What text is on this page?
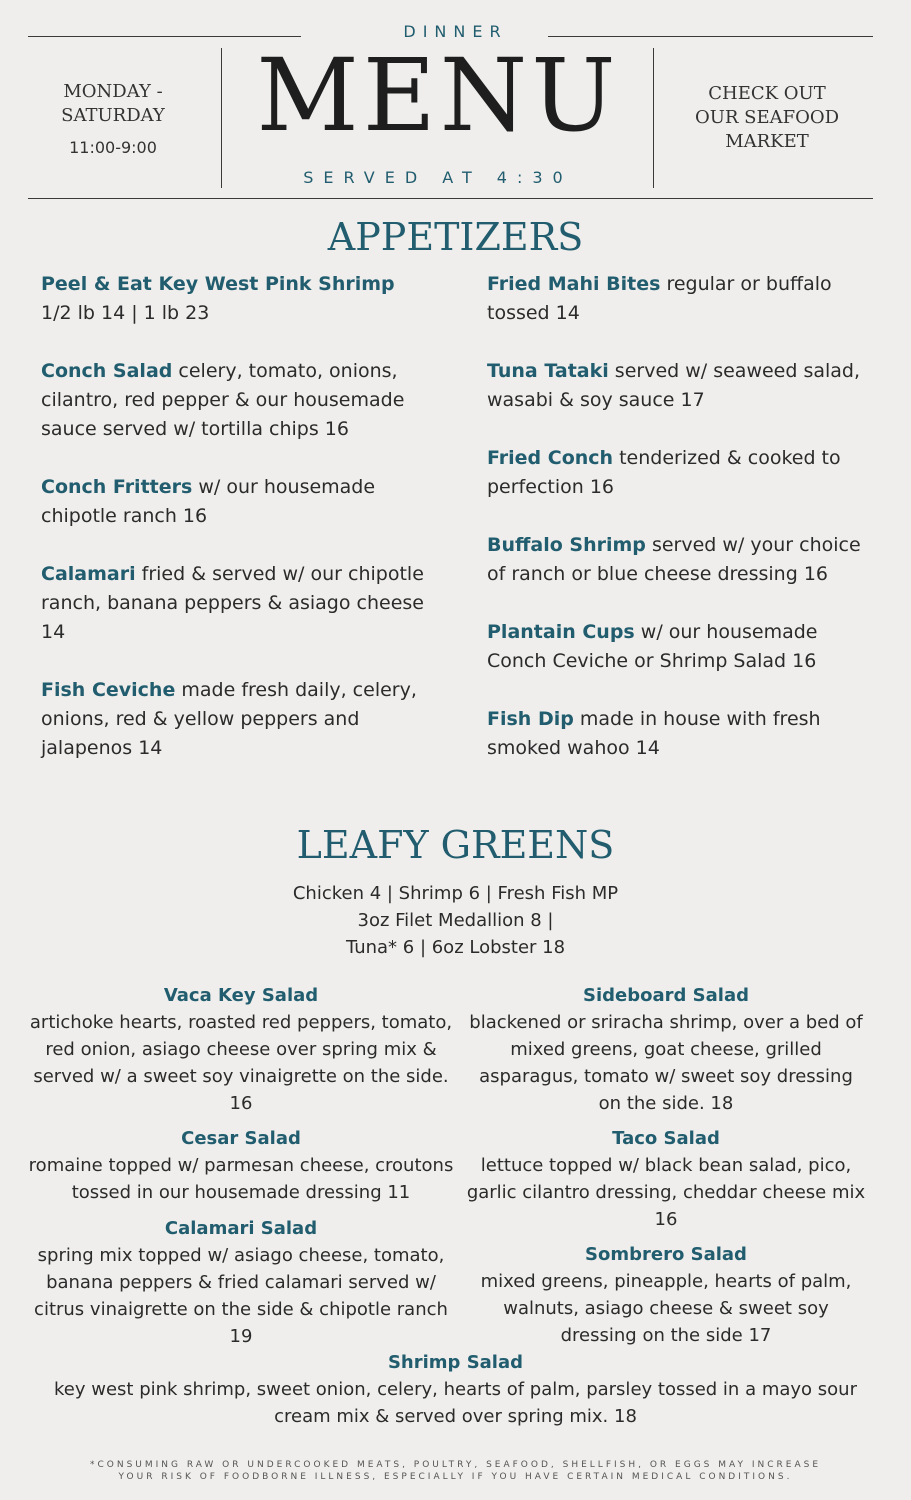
DINNER
MONDAY -
SATURDAY
11:00-9:00 MENU
SERVED AT 4:30
CHECK OUT
OUR SEAFOOD
MARKET
APPETIZERS
Peel & Eat Key West Pink Shrimp
1/2 lb 14 | 1 lb 23
Conch Salad celery, tomato, onions, cilantro, red pepper & our housemade sauce served w/ tortilla chips 16
Conch Fritters w/ our housemade chipotle ranch 16
Calamari fried & served w/ our chipotle ranch, banana peppers & asiago cheese 14
Fish Ceviche made fresh daily, celery, onions, red & yellow peppers and jalapenos 14
Fried Mahi Bites regular or buffalo tossed 14
Tuna Tataki served w/ seaweed salad, wasabi & soy sauce 17
Fried Conch tenderized & cooked to perfection 16
Buffalo Shrimp served w/ your choice of ranch or blue cheese dressing 16
Plantain Cups w/ our housemade Conch Ceviche or Shrimp Salad 16
Fish Dip made in house with fresh smoked wahoo 14
LEAFY GREENS
Chicken 4 | Shrimp 6 | Fresh Fish MP
3oz Filet Medallion 8 |
Tuna* 6 | 6oz Lobster 18
Vaca Key Salad
artichoke hearts, roasted red peppers, tomato, red onion, asiago cheese over spring mix & served w/ a sweet soy vinaigrette on the side. 16
Cesar Salad
romaine topped w/ parmesan cheese, croutons tossed in our housemade dressing 11
Calamari Salad
spring mix topped w/ asiago cheese, tomato, banana peppers & fried calamari served w/ citrus vinaigrette on the side & chipotle ranch 19
Sideboard Salad
blackened or sriracha shrimp, over a bed of mixed greens, goat cheese, grilled asparagus, tomato w/ sweet soy dressing on the side. 18
Taco Salad
lettuce topped w/ black bean salad, pico, garlic cilantro dressing, cheddar cheese mix 16
Sombrero Salad
mixed greens, pineapple, hearts of palm, walnuts, asiago cheese & sweet soy dressing on the side 17
Shrimp Salad
key west pink shrimp, sweet onion, celery, hearts of palm, parsley tossed in a mayo sour cream mix & served over spring mix. 18
*CONSUMING RAW OR UNDERCOOKED MEATS, POULTRY, SEAFOOD, SHELLFISH, OR EGGS MAY INCREASE
YOUR RISK OF FOODBORNE ILLNESS, ESPECIALLY IF YOU HAVE CERTAIN MEDICAL CONDITIONS.
